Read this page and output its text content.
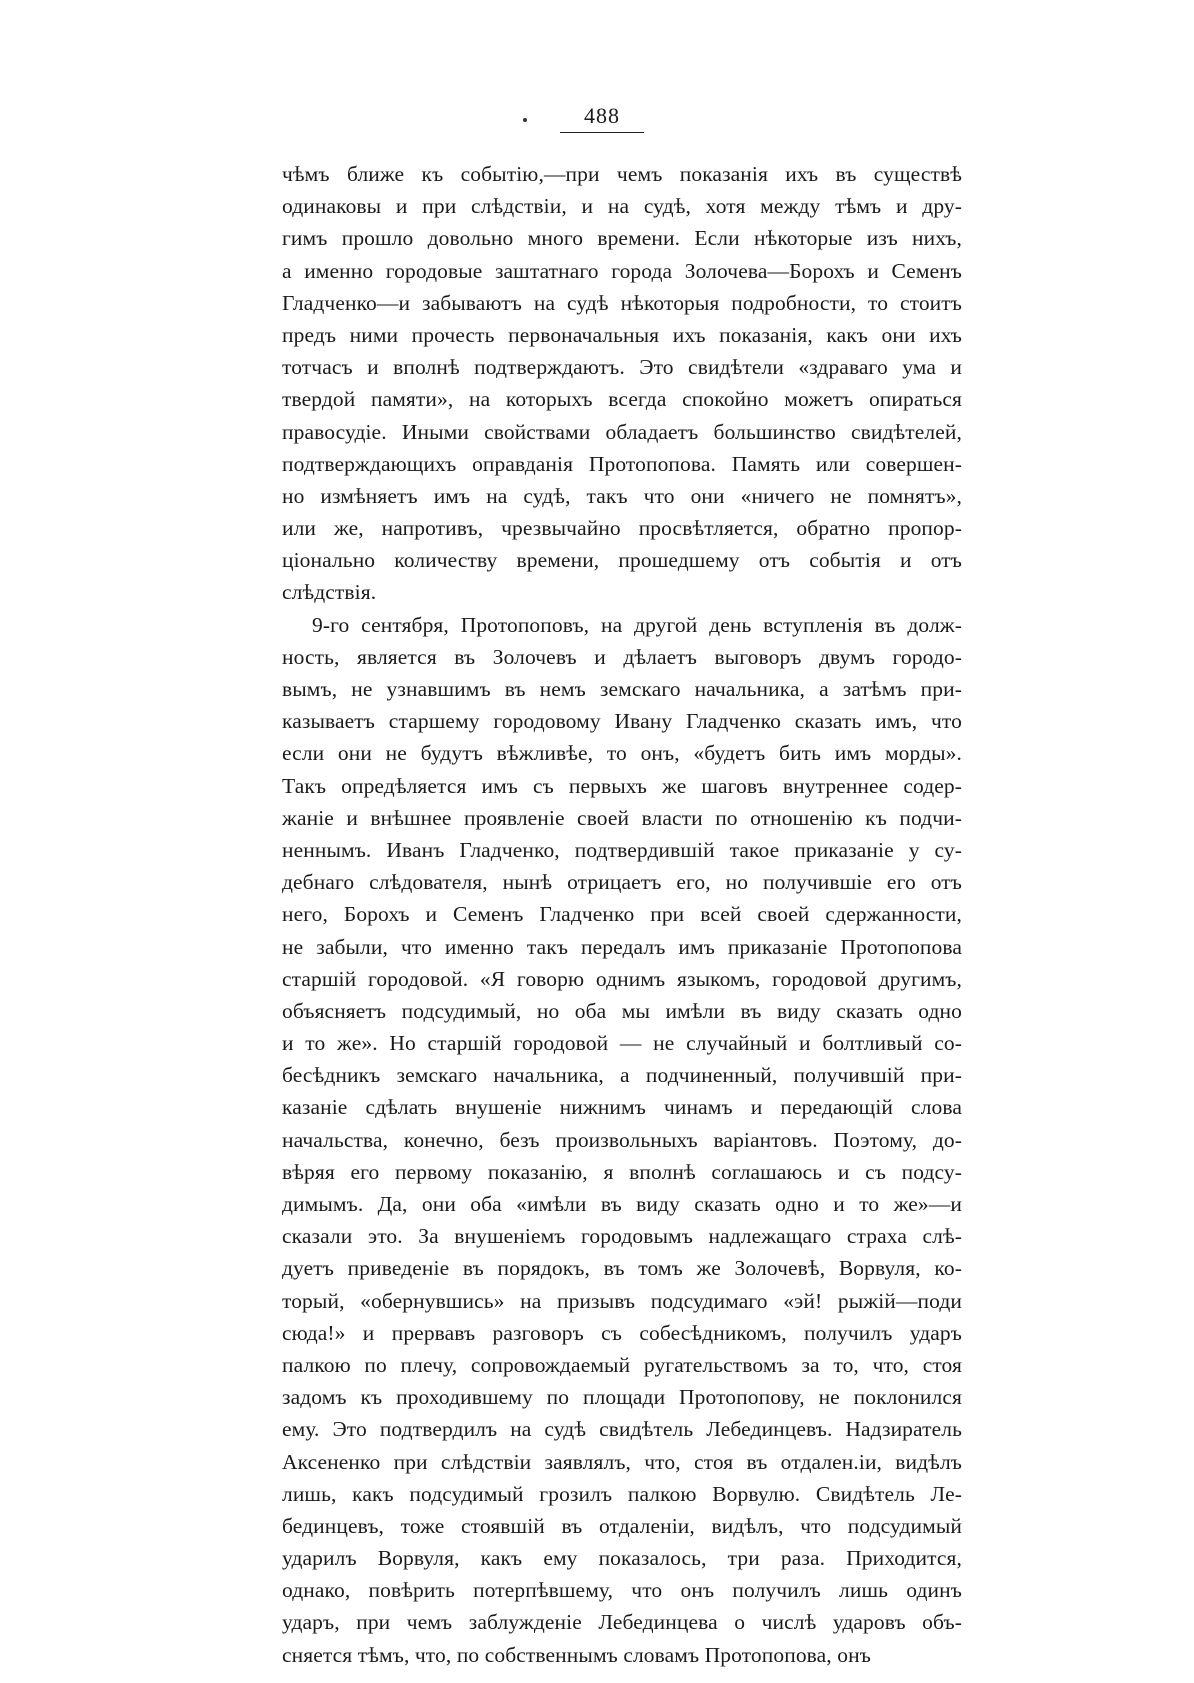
488
чѣмъ ближе къ событію,—при чемъ показанія ихъ въ существѣ
одинаковы и при слѣдствіи, и на судѣ, хотя между тѣмъ и дру-
гимъ прошло довольно много времени. Если нѣкоторые изъ нихъ,
а именно городовые заштатнаго города Золочева—Борохъ и Семенъ
Гладченко—и забываютъ на судѣ нѣкоторыя подробности, то стоитъ
предъ ними прочесть первоначальныя ихъ показанія, какъ они ихъ
тотчасъ и вполнѣ подтверждаютъ. Это свидѣтели «здраваго ума и
твердой памяти», на которыхъ всегда спокойно можетъ опираться
правосудіе. Иными свойствами обладаетъ большинство свидѣтелей,
подтверждающихъ оправданія Протопопова. Память или совершен-
но измѣняетъ имъ на судѣ, такъ что они «ничего не помнятъ»,
или же, напротивъ, чрезвычайно просвѣтляется, обратно пропор-
ціонально количеству времени, прошедшему отъ событія и отъ
слѣдствія.
9-го сентября, Протопоповъ, на другой день вступленія въ долж-
ность, является въ Золочевъ и дѣлаетъ выговоръ двумъ городо-
вымъ, не узнавшимъ въ немъ земскаго начальника, а затѣмъ при-
казываетъ старшему городовому Ивану Гладченко сказать имъ, что
если они не будутъ вѣжливѣе, то онъ, «будетъ бить имъ морды».
Такъ опредѣляется имъ съ первыхъ же шаговъ внутреннее содер-
жаніе и внѣшнее проявленіе своей власти по отношенію къ подчи-
неннымъ. Иванъ Гладченко, подтвердившій такое приказаніе у су-
дебнаго слѣдователя, нынѣ отрицаетъ его, но получившіе его отъ
него, Борохъ и Семенъ Гладченко при всей своей сдержанности,
не забыли, что именно такъ передалъ имъ приказаніе Протопопова
старшій городовой. «Я говорю однимъ языкомъ, городовой другимъ,
объясняетъ подсудимый, но оба мы имѣли въ виду сказать одно
и то же». Но старшій городовой — не случайный и болтливый со-
бесѣдникъ земскаго начальника, а подчиненный, получившій при-
казаніе сдѣлать внушеніе нижнимъ чинамъ и передающій слова
начальства, конечно, безъ произвольныхъ варіантовъ. Поэтому, до-
вѣряя его первому показанію, я вполнѣ соглашаюсь и съ подсу-
димымъ. Да, они оба «имѣли въ виду сказать одно и то же»—и
сказали это. За внушеніемъ городовымъ надлежащаго страха слѣ-
дуетъ приведеніе въ порядокъ, въ томъ же Золочевѣ, Ворвуля, ко-
торый, «обернувшись» на призывъ подсудимаго «эй! рыжій—поди
сюда!» и прервавъ разговоръ съ собесѣдникомъ, получилъ ударъ
палкою по плечу, сопровождаемый ругательствомъ за то, что, стоя
задомъ къ проходившему по площади Протопопову, не поклонился
ему. Это подтвердилъ на судѣ свидѣтель Лебединцевъ. Надзиратель
Аксененко при слѣдствіи заявлялъ, что, стоя въ отдален.іи, видѣлъ
лишь, какъ подсудимый грозилъ палкою Ворвулю. Свидѣтель Ле-
бединцевъ, тоже стоявшій въ отдаленіи, видѣлъ, что подсудимый
ударилъ Ворвуля, какъ ему показалось, три раза. Приходится,
однако, повѣрить потерпѣвшему, что онъ получилъ лишь одинъ
ударъ, при чемъ заблужденіе Лебединцева о числѣ ударовъ объ-
сняется тѣмъ, что, по собственнымъ словамъ Протопопова, онъ
